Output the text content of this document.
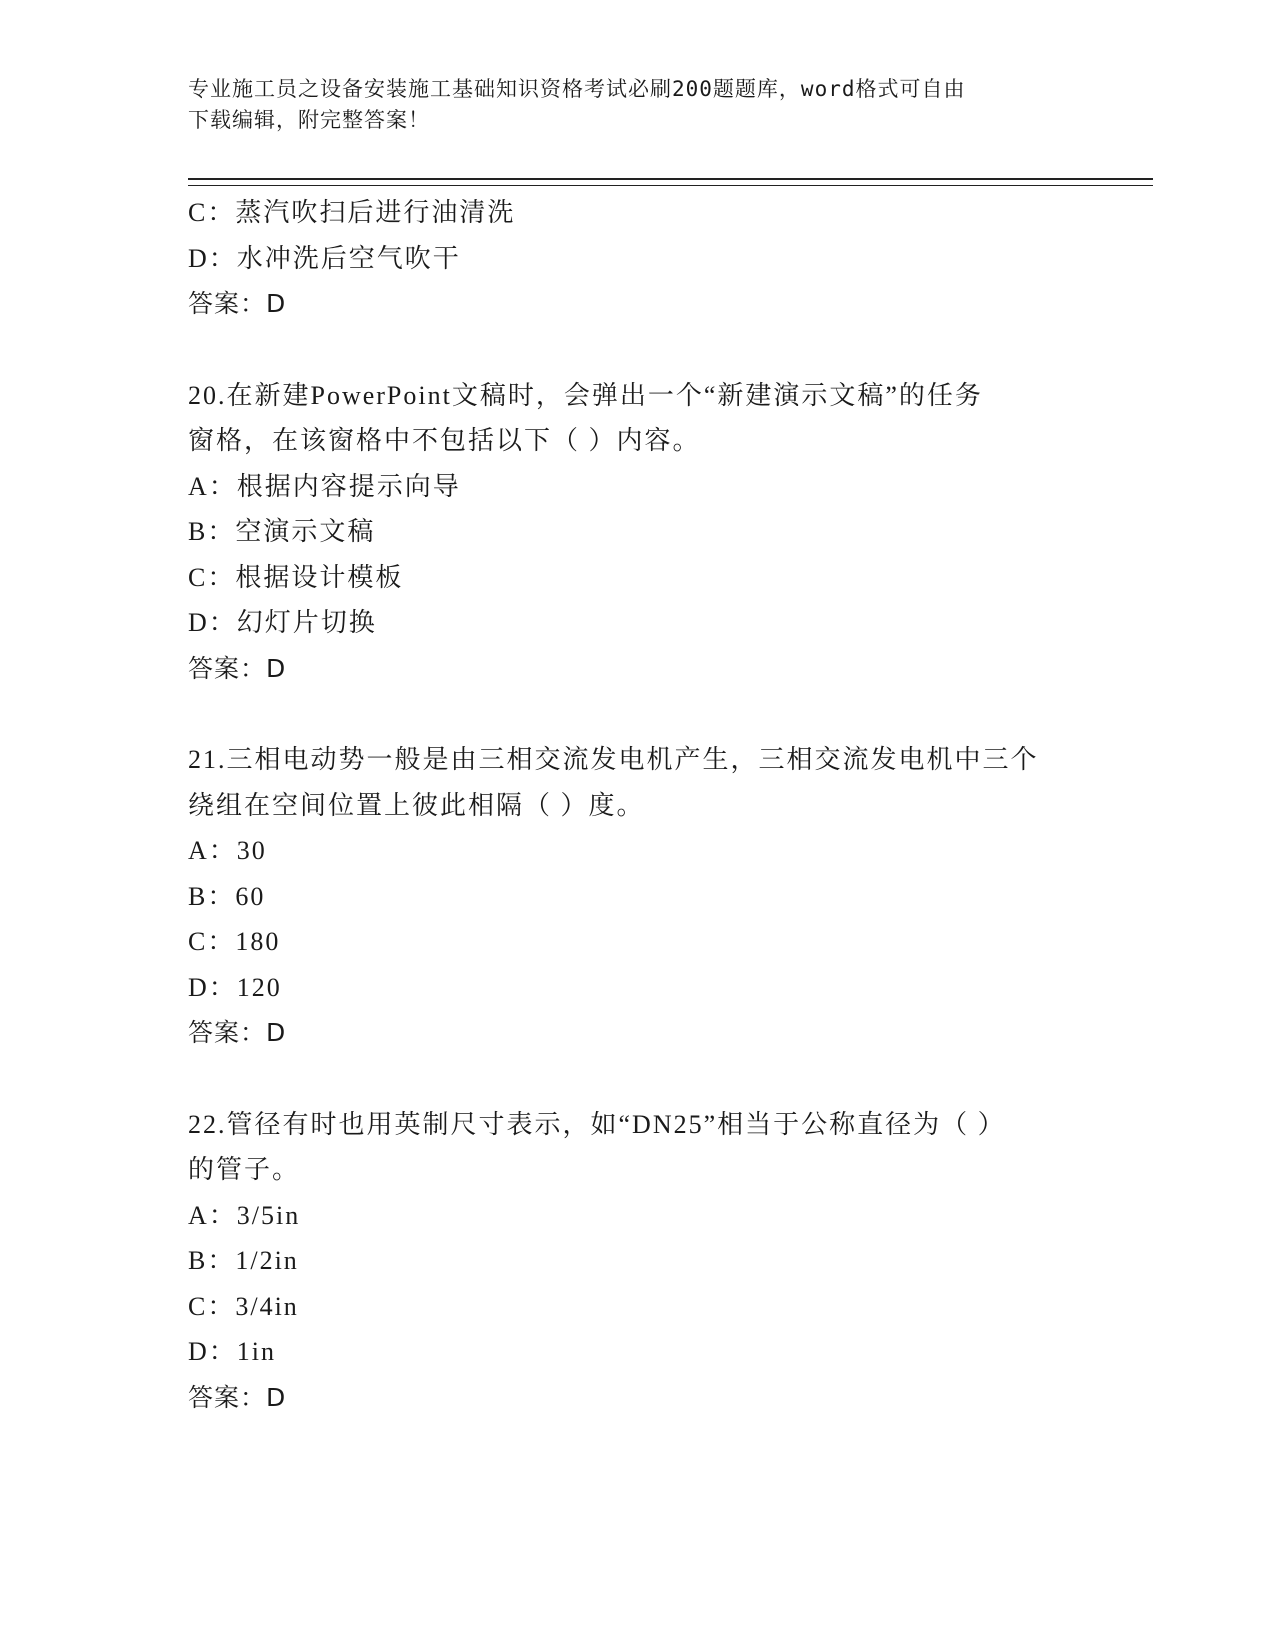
专业施工员之设备安装施工基础知识资格考试必刷200题题库，word格式可自由
下载编辑，附完整答案！
C：蒸汽吹扫后进行油清洗
D：水冲洗后空气吹干
答案：D
20.在新建PowerPoint文稿时，会弹出一个“新建演示文稿”的任务
窗格，在该窗格中不包括以下（ ）内容。
A：根据内容提示向导
B：空演示文稿
C：根据设计模板
D：幻灯片切换
答案：D
21.三相电动势一般是由三相交流发电机产生，三相交流发电机中三个
绕组在空间位置上彼此相隔（ ）度。
A：30
B：60
C：180
D：120
答案：D
22.管径有时也用英制尺寸表示，如“DN25”相当于公称直径为（ ）
的管子。
A：3/5in
B：1/2in
C：3/4in
D：1in
答案：D
